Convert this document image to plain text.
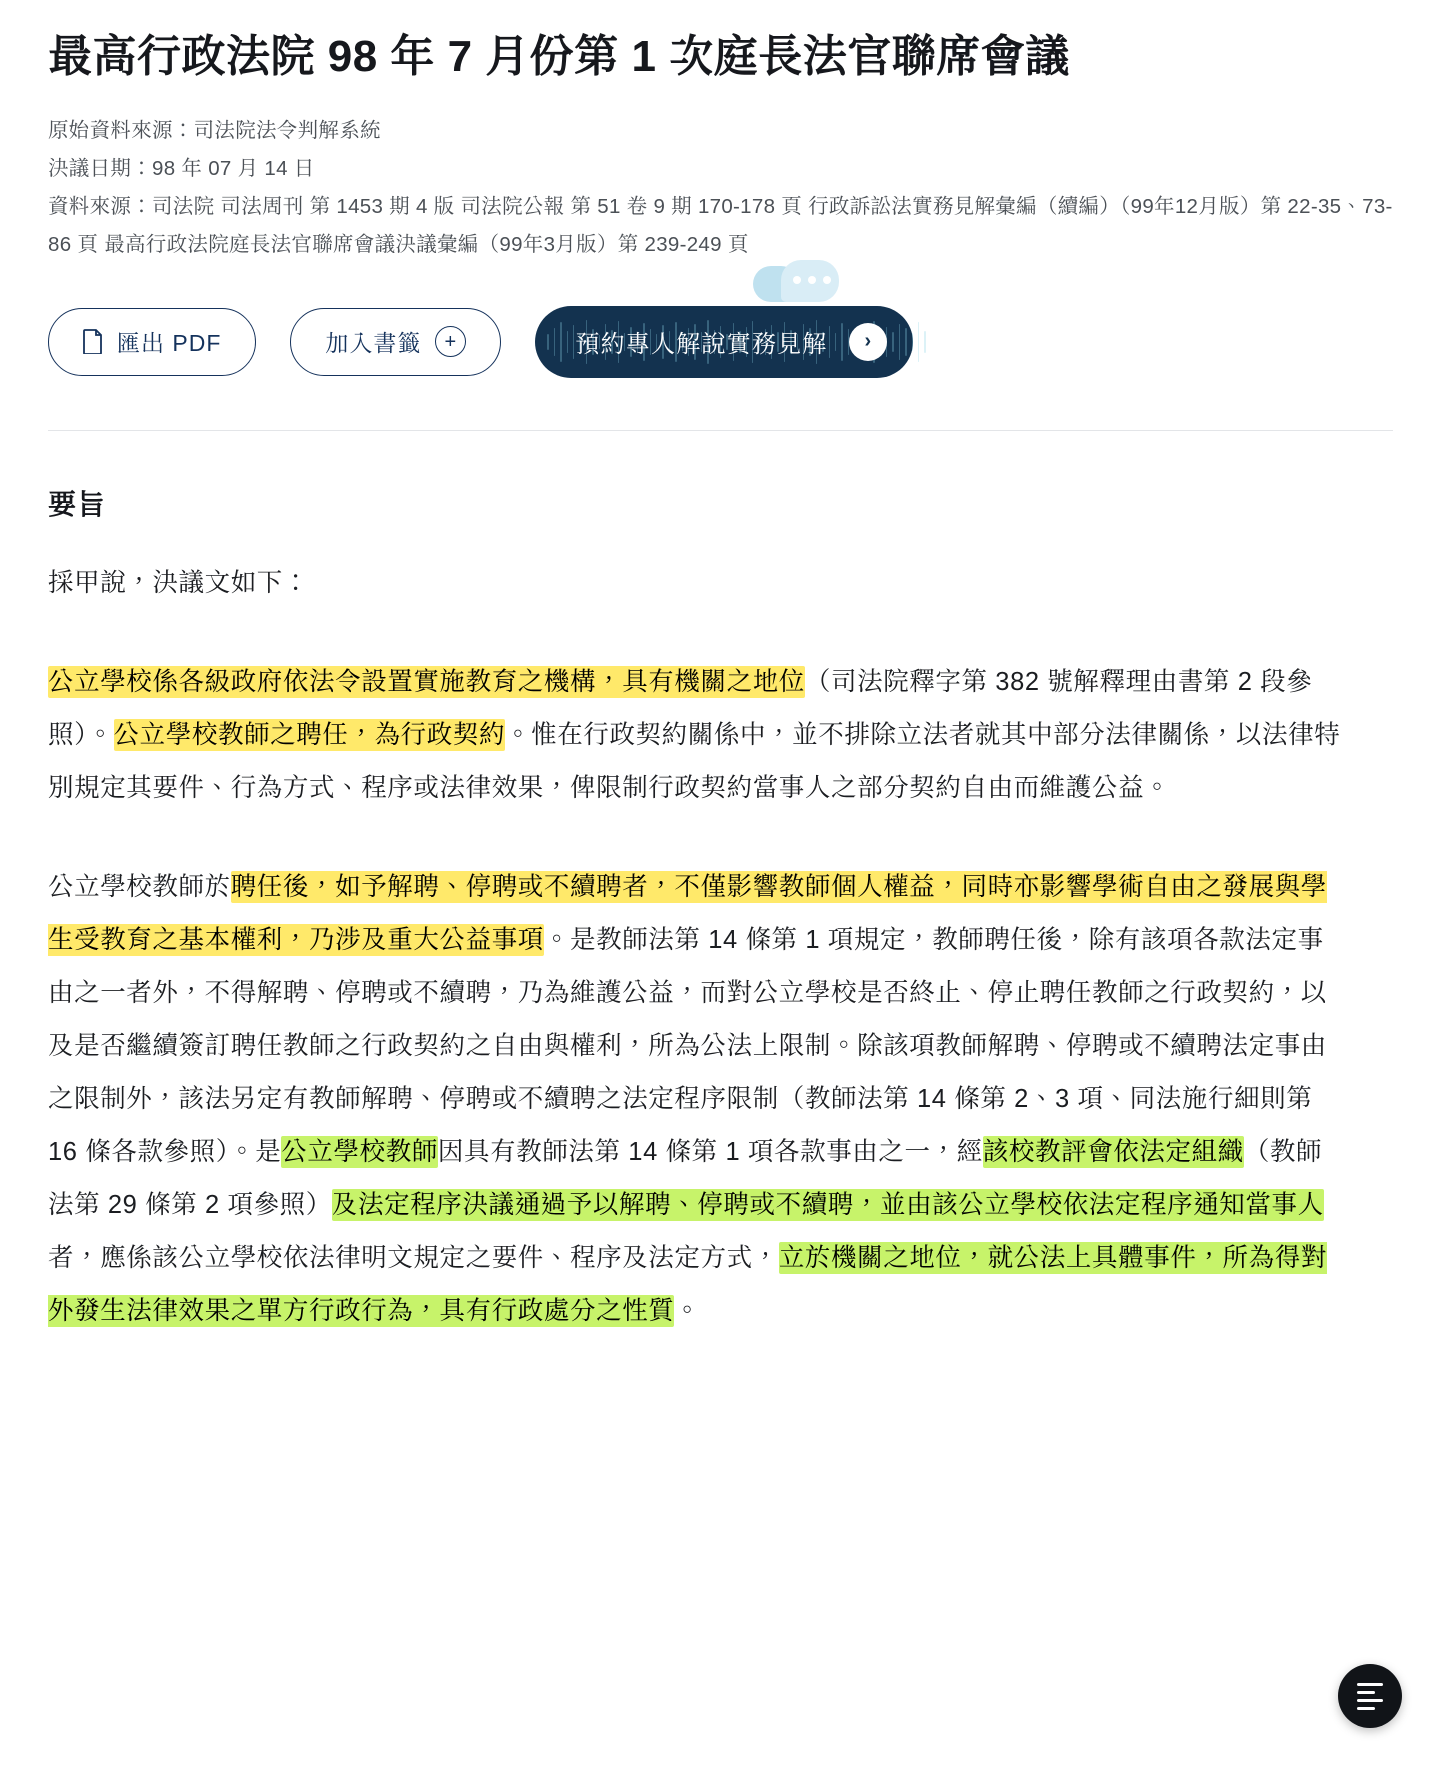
最高行政法院 98 年 7 月份第 1 次庭長法官聯席會議
原始資料來源：司法院法令判解系統
決議日期：98 年 07 月 14 日
資料來源：司法院 司法周刊 第 1453 期 4 版 司法院公報 第 51 卷 9 期 170-178 頁 行政訴訟法實務見解彙編（續編）（99年12月版）第 22-35、73-86 頁 最高行政法院庭長法官聯席會議決議彙編（99年3月版）第 239-249 頁
匯出 PDF	加入書籤 +	預約專人解說實務見解 ›
要旨

採甲說，決議文如下：

公立學校係各級政府依法令設置實施教育之機構，具有機關之地位（司法院釋字第 382 號解釋理由書第 2 段參照）。公立學校教師之聘任，為行政契約。惟在行政契約關係中，並不排除立法者就其中部分法律關係，以法律特別規定其要件、行為方式、程序或法律效果，俾限制行政契約當事人之部分契約自由而維護公益。

公立學校教師於聘任後，如予解聘、停聘或不續聘者，不僅影響教師個人權益，同時亦影響學術自由之發展與學生受教育之基本權利，乃涉及重大公益事項。是教師法第 14 條第 1 項規定，教師聘任後，除有該項各款法定事由之一者外，不得解聘、停聘或不續聘，乃為維護公益，而對公立學校是否終止、停止聘任教師之行政契約，以及是否繼續簽訂聘任教師之行政契約之自由與權利，所為公法上限制。除該項教師解聘、停聘或不續聘法定事由之限制外，該法另定有教師解聘、停聘或不續聘之法定程序限制（教師法第 14 條第 2、3 項、同法施行細則第 16 條各款參照）。是公立學校教師因具有教師法第 14 條第 1 項各款事由之一，經該校教評會依法定組織（教師法第 29 條第 2 項參照）及法定程序決議通過予以解聘、停聘或不續聘，並由該公立學校依法定程序通知當事人者，應係該公立學校依法律明文規定之要件、程序及法定方式，立於機關之地位，就公法上具體事件，所為得對外發生法律效果之單方行政行為，具有行政處分之性質。
